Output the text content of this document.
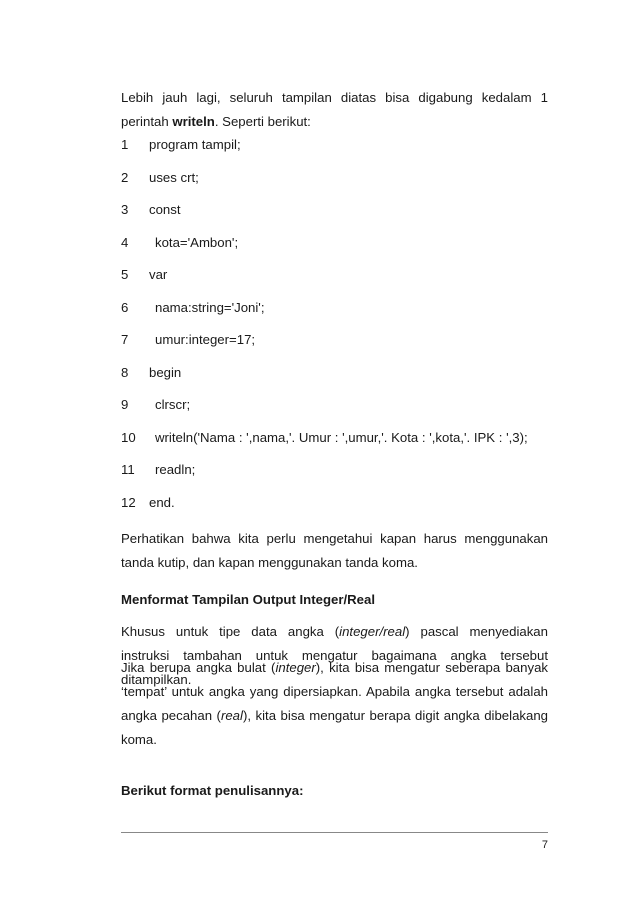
Lebih jauh lagi, seluruh tampilan diatas bisa digabung kedalam 1 perintah writeln. Seperti berikut:
1 program tampil;
2 uses crt;
3 const
4 kota='Ambon';
5 var
6 nama:string='Joni';
7 umur:integer=17;
8 begin
9 clrscr;
10 writeln('Nama : ',nama,'. Umur : ',umur,'. Kota : ',kota,'. IPK : ',3);
11 readln;
12 end.
Perhatikan bahwa kita perlu mengetahui kapan harus menggunakan tanda kutip, dan kapan menggunakan tanda koma.
Menformat Tampilan Output Integer/Real
Khusus untuk tipe data angka (integer/real) pascal menyediakan instruksi tambahan untuk mengatur bagaimana angka tersebut ditampilkan.
Jika berupa angka bulat (integer), kita bisa mengatur seberapa banyak ‘tempat’ untuk angka yang dipersiapkan. Apabila angka tersebut adalah angka pecahan (real), kita bisa mengatur berapa digit angka dibelakang koma.
Berikut format penulisannya:
7
